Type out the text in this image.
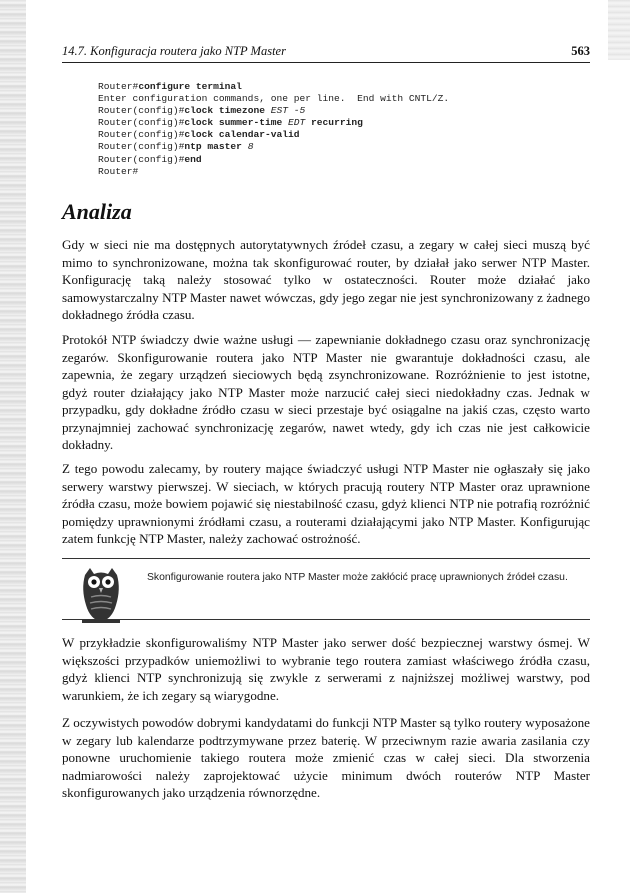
14.7. Konfiguracja routera jako NTP Master	563
Router#configure terminal
Enter configuration commands, one per line.  End with CNTL/Z.
Router(config)#clock timezone EST -5
Router(config)#clock summer-time EDT recurring
Router(config)#clock calendar-valid
Router(config)#ntp master 8
Router(config)#end
Router#
Analiza

Gdy w sieci nie ma dostępnych autorytatywnych źródeł czasu, a zegary w całej sieci muszą być mimo to synchronizowane, można tak skonfigurować router, by działał jako serwer NTP Master. Konfigurację taką należy stosować tylko w ostateczności. Router może działać jako samowystarczalny NTP Master nawet wówczas, gdy jego zegar nie jest synchronizowany z żadnego dokładnego źródła czasu.

Protokół NTP świadczy dwie ważne usługi — zapewnianie dokładnego czasu oraz synchronizację zegarów. Skonfigurowanie routera jako NTP Master nie gwarantuje dokładności czasu, ale zapewnia, że zegary urządzeń sieciowych będą zsynchronizowane. Rozróżnienie to jest istotne, gdyż router działający jako NTP Master może narzucić całej sieci niedokładny czas. Jednak w przypadku, gdy dokładne źródło czasu w sieci przestaje być osiągalne na jakiś czas, często warto przynajmniej zachować synchronizację zegarów, nawet wtedy, gdy ich czas nie jest całkowicie dokładny.

Z tego powodu zalecamy, by routery mające świadczyć usługi NTP Master nie ogłaszały się jako serwery warstwy pierwszej. W sieciach, w których pracują routery NTP Master oraz uprawnione źródła czasu, może bowiem pojawić się niestabilność czasu, gdyż klienci NTP nie potrafią rozróżnić pomiędzy uprawnionymi źródłami czasu, a routerami działającymi jako NTP Master. Konfigurując zatem funkcję NTP Master, należy zachować ostrożność.

Skonfigurowanie routera jako NTP Master może zakłócić pracę uprawnionych źródeł czasu.

W przykładzie skonfigurowaliśmy NTP Master jako serwer dość bezpiecznej warstwy ósmej. W większości przypadków uniemożliwi to wybranie tego routera zamiast właściwego źródła czasu, gdyż klienci NTP synchronizują się zwykle z serwerami z najniższej możliwej warstwy, pod warunkiem, że ich zegary są wiarygodne.

Z oczywistych powodów dobrymi kandydatami do funkcji NTP Master są tylko routery wyposażone w zegary lub kalendarze podtrzymywane przez baterię. W przeciwnym razie awaria zasilania czy ponowne uruchomienie takiego routera może zmienić czas w całej sieci. Dla stworzenia nadmiarowości należy zaprojektować użycie minimum dwóch routerów NTP Master skonfigurowanych jako urządzenia równorzędne.
